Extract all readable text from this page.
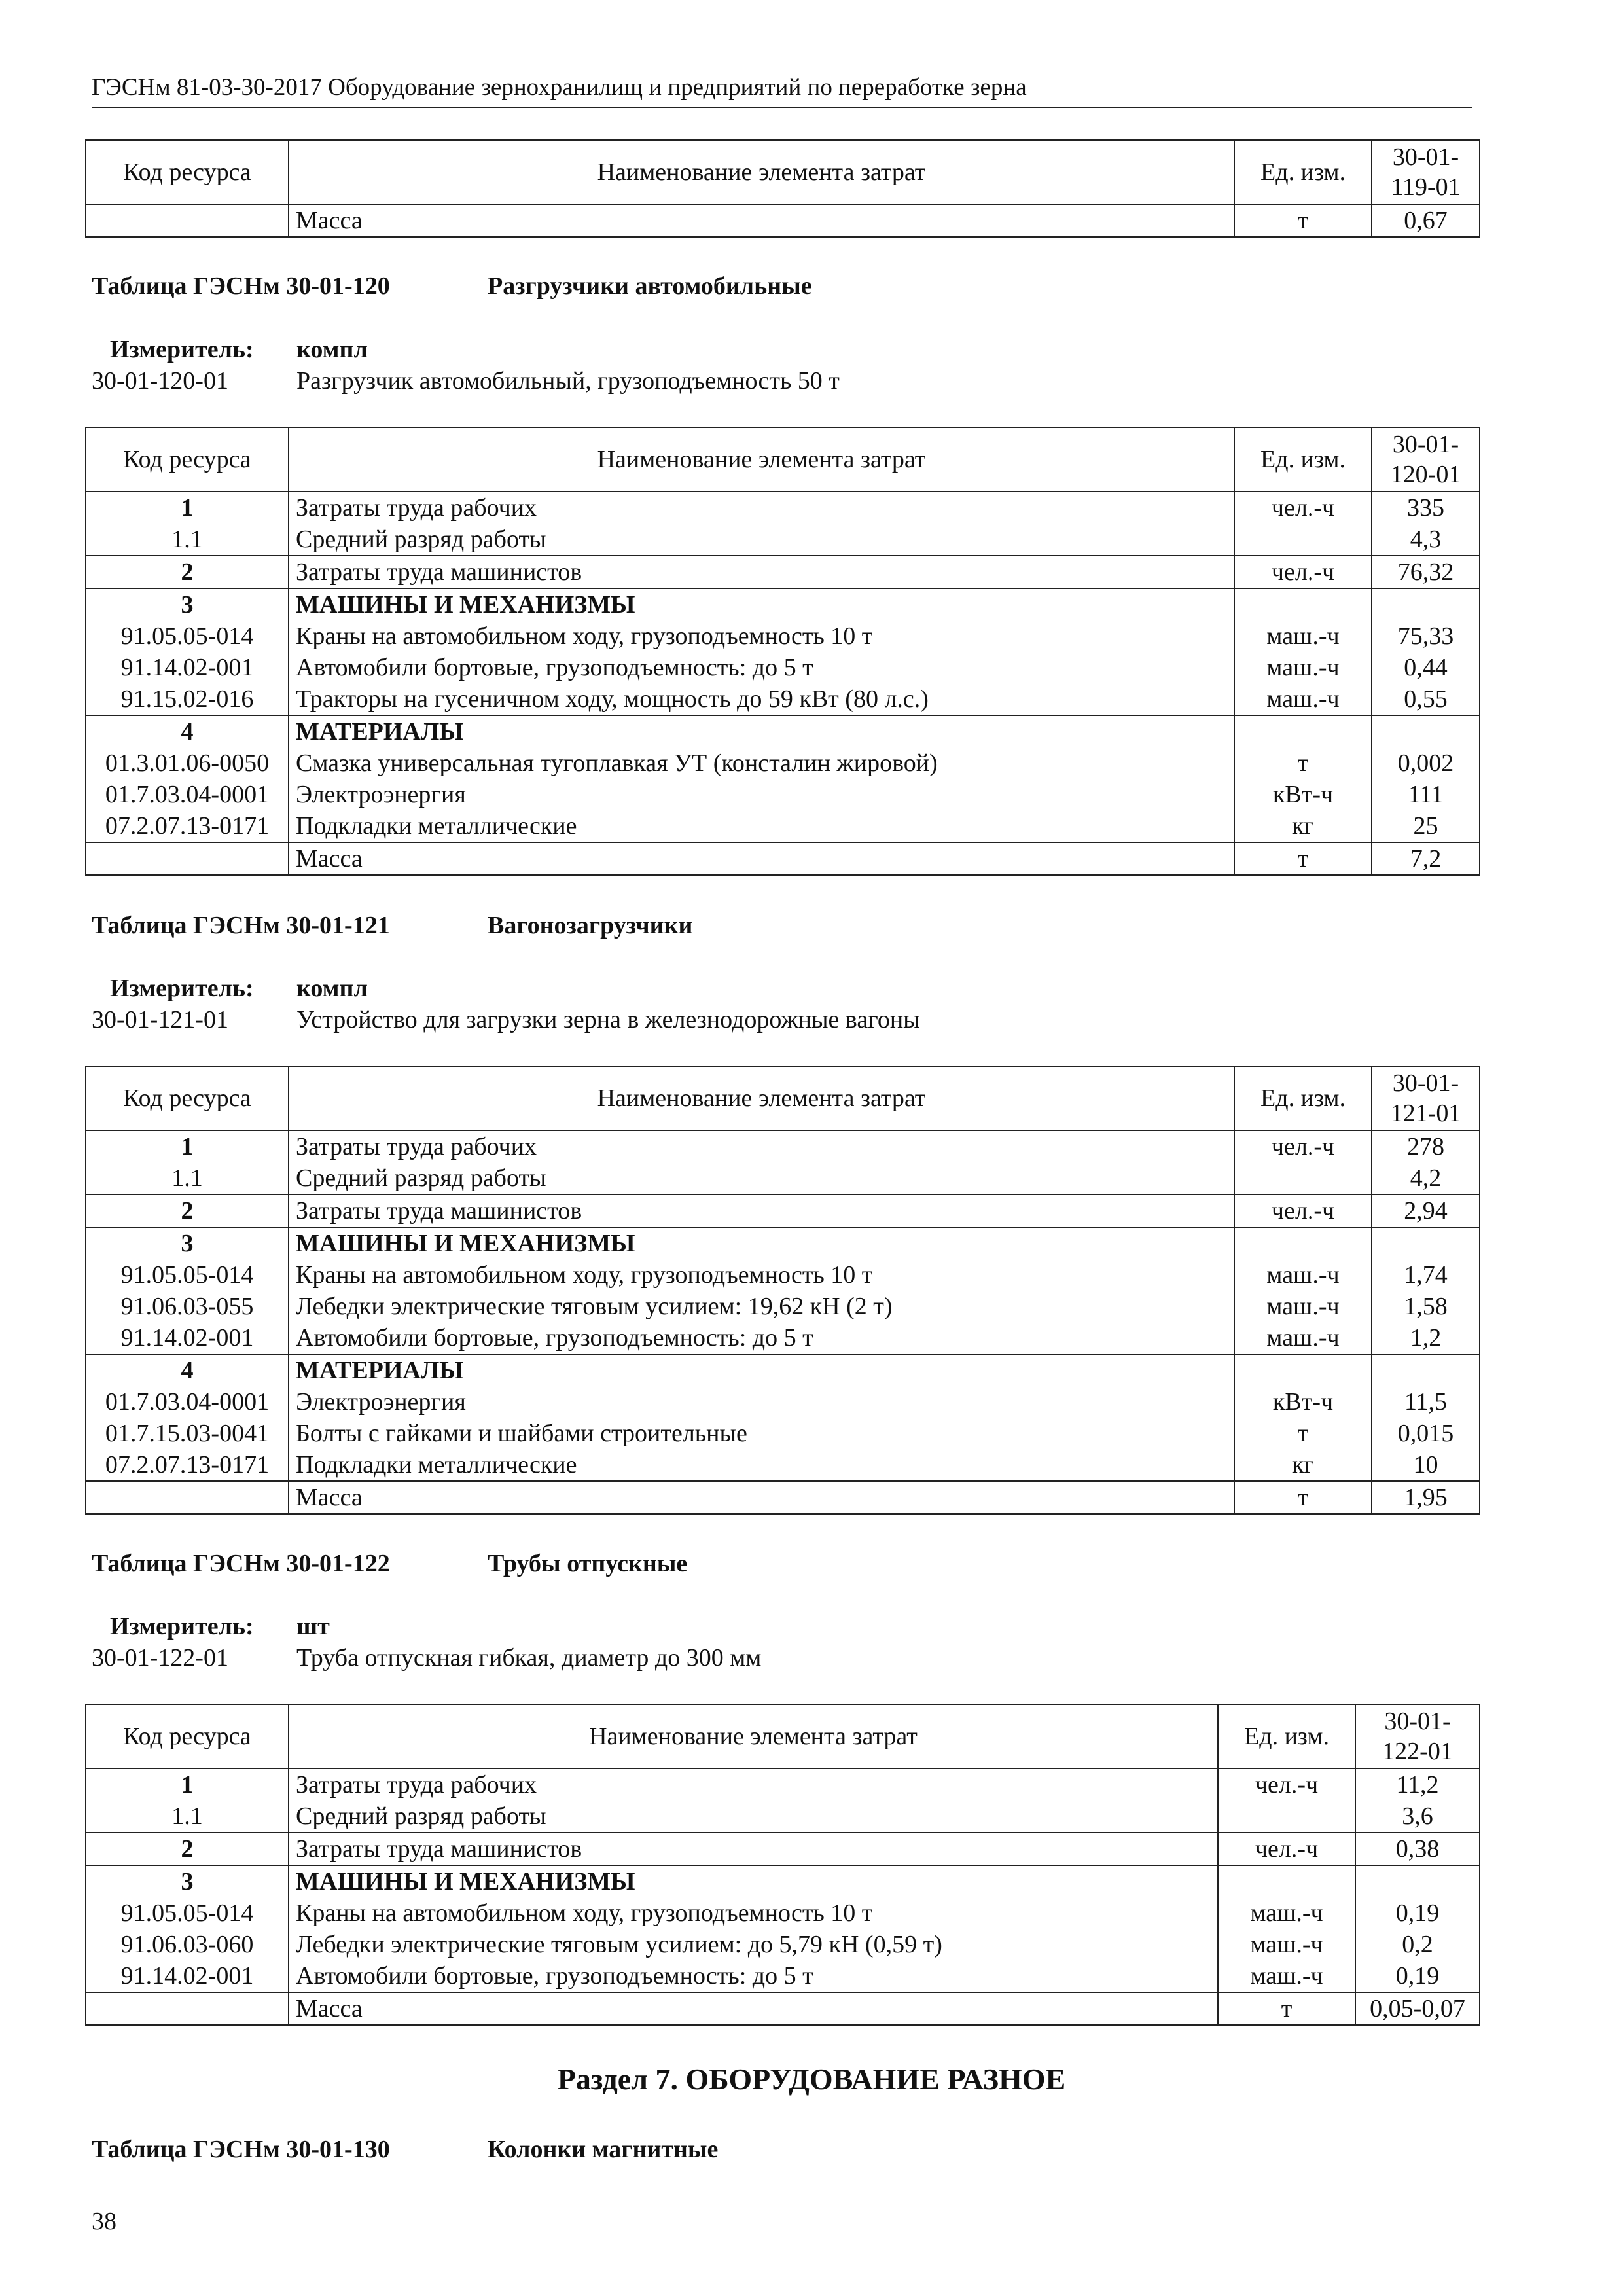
ГЭСНм 81-03-30-2017 Оборудование зернохранилищ и предприятий по переработке зерна
Код ресурса	Наименование элемента затрат	Ед. изм.	30-01-
119-01
	Масса	т	0,67
Таблица ГЭСНм 30-01-120	Разгрузчики автомобильные
Измеритель: компл
30-01-120-01	Разгрузчик автомобильный, грузоподъемность 50 т
Код ресурса	Наименование элемента затрат	Ед. изм.	30-01-
120-01
1	Затраты труда рабочих	чел.-ч	335
1.1	Средний разряд работы		4,3
2	Затраты труда машинистов	чел.-ч	76,32
3	МАШИНЫ И МЕХАНИЗМЫ		
91.05.05-014	Краны на автомобильном ходу, грузоподъемность 10 т	маш.-ч	75,33
91.14.02-001	Автомобили бортовые, грузоподъемность: до 5 т	маш.-ч	0,44
91.15.02-016	Тракторы на гусеничном ходу, мощность до 59 кВт (80 л.с.)	маш.-ч	0,55
4	МАТЕРИАЛЫ		
01.3.01.06-0050	Смазка универсальная тугоплавкая УТ (консталин жировой)	т	0,002
01.7.03.04-0001	Электроэнергия	кВт-ч	111
07.2.07.13-0171	Подкладки металлические	кг	25
	Масса	т	7,2
Таблица ГЭСНм 30-01-121	Вагонозагрузчики
Измеритель: компл
30-01-121-01	Устройство для загрузки зерна в железнодорожные вагоны
Код ресурса	Наименование элемента затрат	Ед. изм.	30-01-
121-01
1	Затраты труда рабочих	чел.-ч	278
1.1	Средний разряд работы		4,2
2	Затраты труда машинистов	чел.-ч	2,94
3	МАШИНЫ И МЕХАНИЗМЫ		
91.05.05-014	Краны на автомобильном ходу, грузоподъемность 10 т	маш.-ч	1,74
91.06.03-055	Лебедки электрические тяговым усилием: 19,62 кН (2 т)	маш.-ч	1,58
91.14.02-001	Автомобили бортовые, грузоподъемность: до 5 т	маш.-ч	1,2
4	МАТЕРИАЛЫ		
01.7.03.04-0001	Электроэнергия	кВт-ч	11,5
01.7.15.03-0041	Болты с гайками и шайбами строительные	т	0,015
07.2.07.13-0171	Подкладки металлические	кг	10
	Масса	т	1,95
Таблица ГЭСНм 30-01-122	Трубы отпускные
Измеритель: шт
30-01-122-01	Труба отпускная гибкая, диаметр до 300 мм
Код ресурса	Наименование элемента затрат	Ед. изм.	30-01-
122-01
1	Затраты труда рабочих	чел.-ч	11,2
1.1	Средний разряд работы		3,6
2	Затраты труда машинистов	чел.-ч	0,38
3	МАШИНЫ И МЕХАНИЗМЫ		
91.05.05-014	Краны на автомобильном ходу, грузоподъемность 10 т	маш.-ч	0,19
91.06.03-060	Лебедки электрические тяговым усилием: до 5,79 кН (0,59 т)	маш.-ч	0,2
91.14.02-001	Автомобили бортовые, грузоподъемность: до 5 т	маш.-ч	0,19
	Масса	т	0,05-0,07
Раздел 7. ОБОРУДОВАНИЕ РАЗНОЕ
Таблица ГЭСНм 30-01-130	Колонки магнитные
38
